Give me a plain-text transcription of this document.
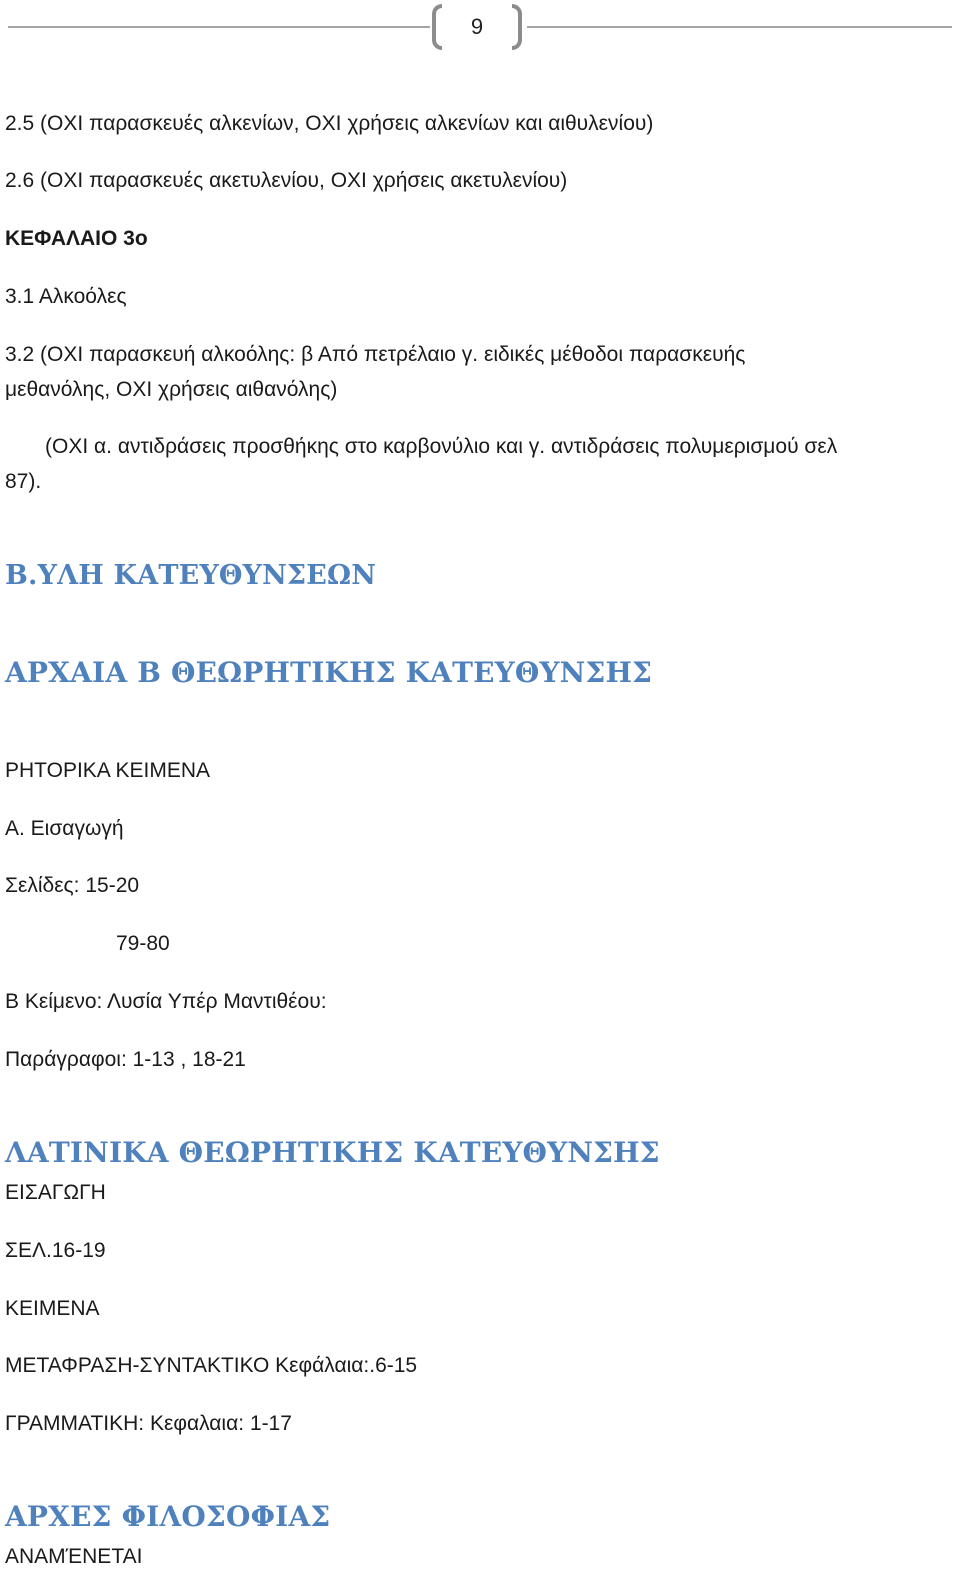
9

2.5 (ΟΧΙ παρασκευές αλκενίων, ΟΧΙ χρήσεις αλκενίων και αιθυλενίου)

2.6 (ΟΧΙ παρασκευές ακετυλενίου, ΟΧΙ χρήσεις ακετυλενίου)

ΚΕΦΑΛΑΙΟ 3ο

3.1 Αλκοόλες

3.2 (ΟΧΙ παρασκευή αλκοόλης: β Από πετρέλαιο γ. ειδικές μέθοδοι παρασκευής

μεθανόλης, ΟΧΙ χρήσεις αιθανόλης)

(ΟΧΙ α. αντιδράσεις προσθήκης στο καρβονύλιο και γ. αντιδράσεις πολυμερισμού σελ

87).

Β.ΥΛΗ ΚΑΤΕΥΘΥΝΣΕΩΝ
ΑΡΧΑΙΑ Β ΘΕΩΡΗΤΙΚΗΣ ΚΑΤΕΥΘΥΝΣΗΣ

ΡΗΤΟΡΙΚΑ ΚΕΙΜΕΝΑ

Α. Εισαγωγή

Σελίδες: 15-20

79-80

Β Κείμενο: Λυσία Υπέρ Μαντιθέου:

Παράγραφοι: 1-13 , 18-21

ΛΑΤΙΝΙΚΑ ΘΕΩΡΗΤΙΚΗΣ ΚΑΤΕΥΘΥΝΣΗΣ

ΕΙΣΑΓΩΓΗ

ΣΕΛ.16-19

ΚΕΙΜΕΝΑ

ΜΕΤΑΦΡΑΣΗ-ΣΥΝΤΑΚΤΙΚΟ Κεφάλαια:.6-15

ΓΡΑΜΜΑΤΙΚΗ: Κεφαλαια: 1-17

ΑΡΧΕΣ ΦΙΛΟΣΟΦΙΑΣ

ΑΝΑΜΈΝΕΤΑΙ
